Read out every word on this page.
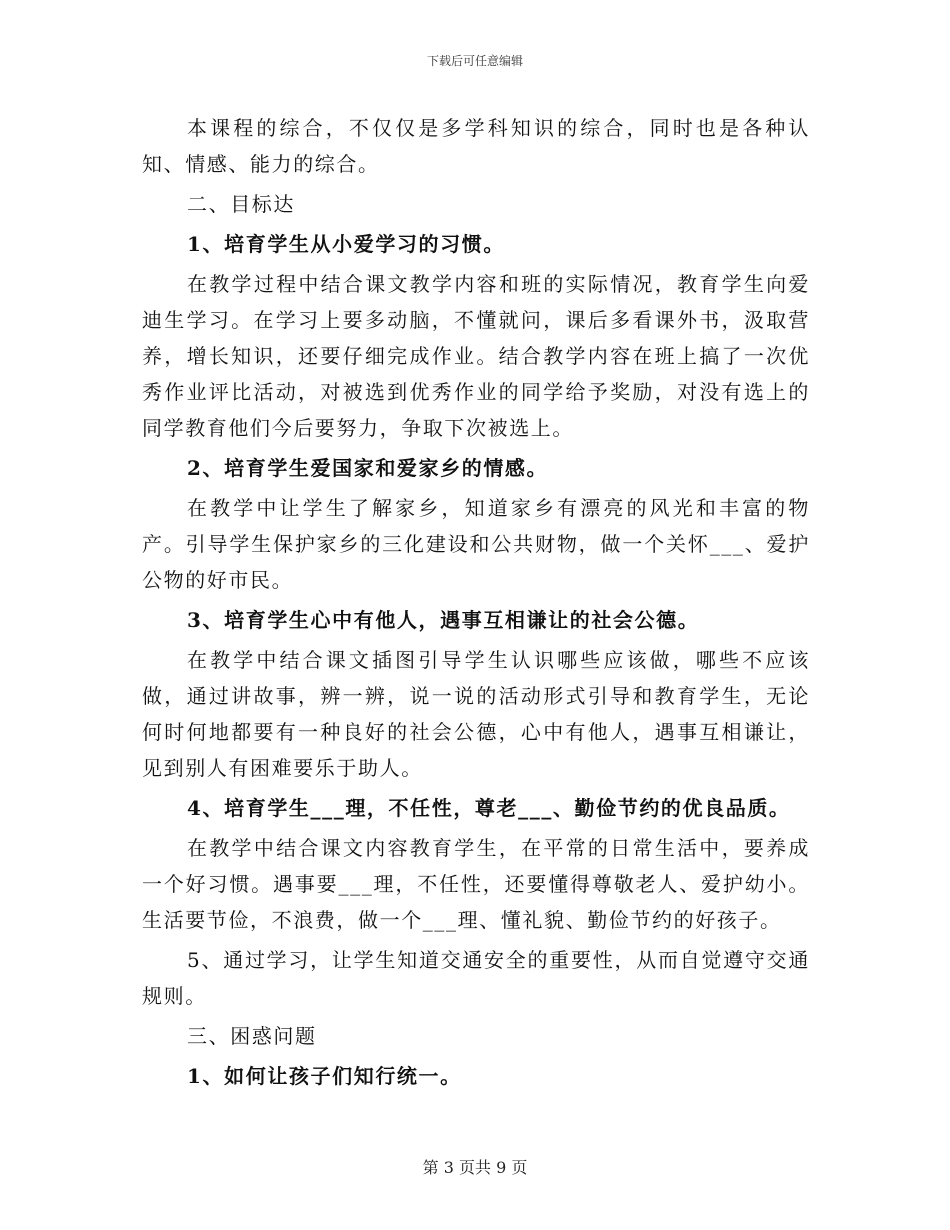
下载后可任意编辑

本课程的综合，不仅仅是多学科知识的综合，同时也是各种认知、情感、能力的综合。

二、目标达

1、培育学生从小爱学习的习惯。

在教学过程中结合课文教学内容和班的实际情况，教育学生向爱迪生学习。在学习上要多动脑，不懂就问，课后多看课外书，汲取营养，增长知识，还要仔细完成作业。结合教学内容在班上搞了一次优秀作业评比活动，对被选到优秀作业的同学给予奖励，对没有选上的同学教育他们今后要努力，争取下次被选上。

2、培育学生爱国家和爱家乡的情感。

在教学中让学生了解家乡，知道家乡有漂亮的风光和丰富的物产。引导学生保护家乡的三化建设和公共财物，做一个关怀___、爱护公物的好市民。

3、培育学生心中有他人，遇事互相谦让的社会公德。

在教学中结合课文插图引导学生认识哪些应该做，哪些不应该做，通过讲故事，辨一辨，说一说的活动形式引导和教育学生，无论何时何地都要有一种良好的社会公德，心中有他人，遇事互相谦让，见到别人有困难要乐于助人。

4、培育学生___理，不任性，尊老___、勤俭节约的优良品质。

在教学中结合课文内容教育学生，在平常的日常生活中，要养成一个好习惯。遇事要___理，不任性，还要懂得尊敬老人、爱护幼小。生活要节俭，不浪费，做一个___理、懂礼貌、勤俭节约的好孩子。

5、通过学习，让学生知道交通安全的重要性，从而自觉遵守交通规则。

三、困惑问题

1、如何让孩子们知行统一。

第 3 页共 9 页
